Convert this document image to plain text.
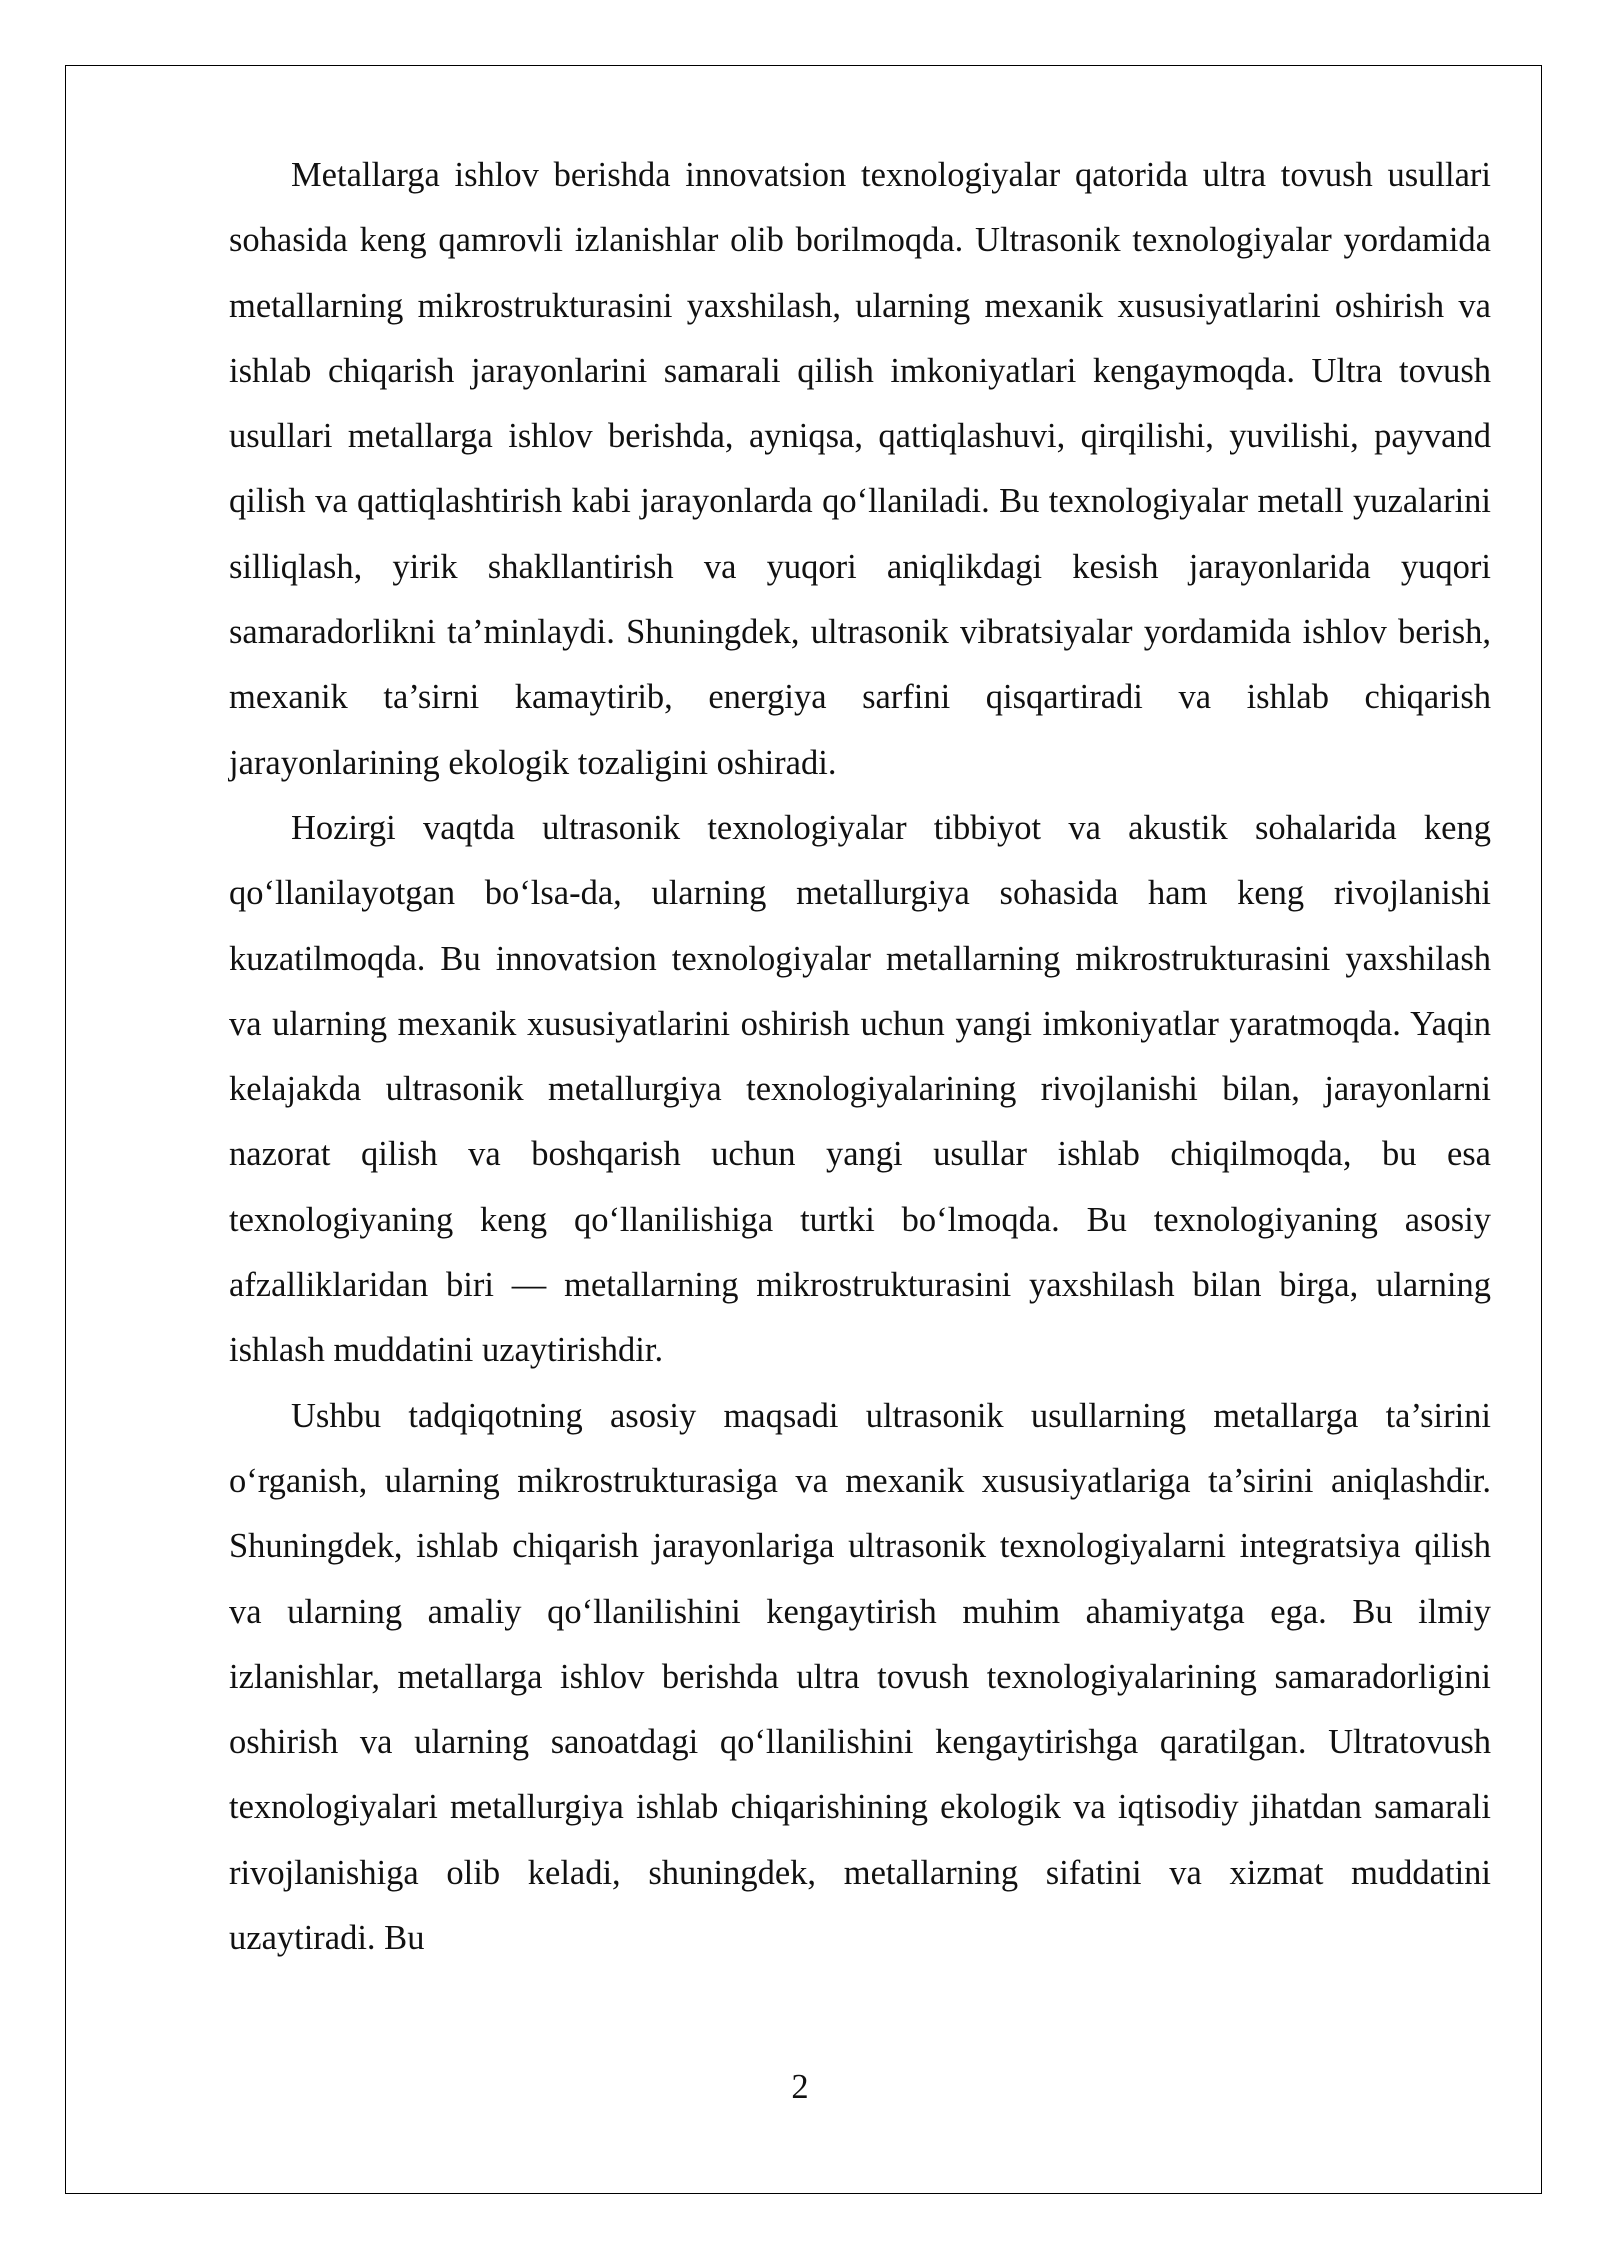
Metallarga ishlov berishda innovatsion texnologiyalar qatorida ultra tovush usullari sohasida keng qamrovli izlanishlar olib borilmoqda. Ultrasonik texnologiyalar yordamida metallarning mikrostrukturasini yaxshilash, ularning mexanik xususiyatlarini oshirish va ishlab chiqarish jarayonlarini samarali qilish imkoniyatlari kengaymoqda. Ultra tovush usullari metallarga ishlov berishda, ayniqsa, qattiqlashuvi, qirqilishi, yuvilishi, payvand qilish va qattiqlashtirish kabi jarayonlarda qo‘llaniladi. Bu texnologiyalar metall yuzalarini silliqlash, yirik shakllantirish va yuqori aniqlikdagi kesish jarayonlarida yuqori samaradorlikni ta’minlaydi. Shuningdek, ultrasonik vibratsiyalar yordamida ishlov berish, mexanik ta’sirni kamaytirib, energiya sarfini qisqartiradi va ishlab chiqarish jarayonlarining ekologik tozaligini oshiradi.

Hozirgi vaqtda ultrasonik texnologiyalar tibbiyot va akustik sohalarida keng qo‘llanilayotgan bo‘lsa-da, ularning metallurgiya sohasida ham keng rivojlanishi kuzatilmoqda. Bu innovatsion texnologiyalar metallarning mikrostrukturasini yaxshilash va ularning mexanik xususiyatlarini oshirish uchun yangi imkoniyatlar yaratmoqda. Yaqin kelajakda ultrasonik metallurgiya texnologiyalarining rivojlanishi bilan, jarayonlarni nazorat qilish va boshqarish uchun yangi usullar ishlab chiqilmoqda, bu esa texnologiyaning keng qo‘llanilishiga turtki bo‘lmoqda. Bu texnologiyaning asosiy afzalliklaridan biri — metallarning mikrostrukturasini yaxshilash bilan birga, ularning ishlash muddatini uzaytirishdir.

Ushbu tadqiqotning asosiy maqsadi ultrasonik usullarning metallarga ta’sirini o‘rganish, ularning mikrostrukturasiga va mexanik xususiyatlariga ta’sirini aniqlashdir. Shuningdek, ishlab chiqarish jarayonlariga ultrasonik texnologiyalarni integratsiya qilish va ularning amaliy qo‘llanilishini kengaytirish muhim ahamiyatga ega. Bu ilmiy izlanishlar, metallarga ishlov berishda ultra tovush texnologiyalarining samaradorligini oshirish va ularning sanoatdagi qo‘llanilishini kengaytirishga qaratilgan. Ultratovush texnologiyalari metallurgiya ishlab chiqarishining ekologik va iqtisodiy jihatdan samarali rivojlanishiga olib keladi, shuningdek, metallarning sifatini va xizmat muddatini uzaytiradi. Bu

2
